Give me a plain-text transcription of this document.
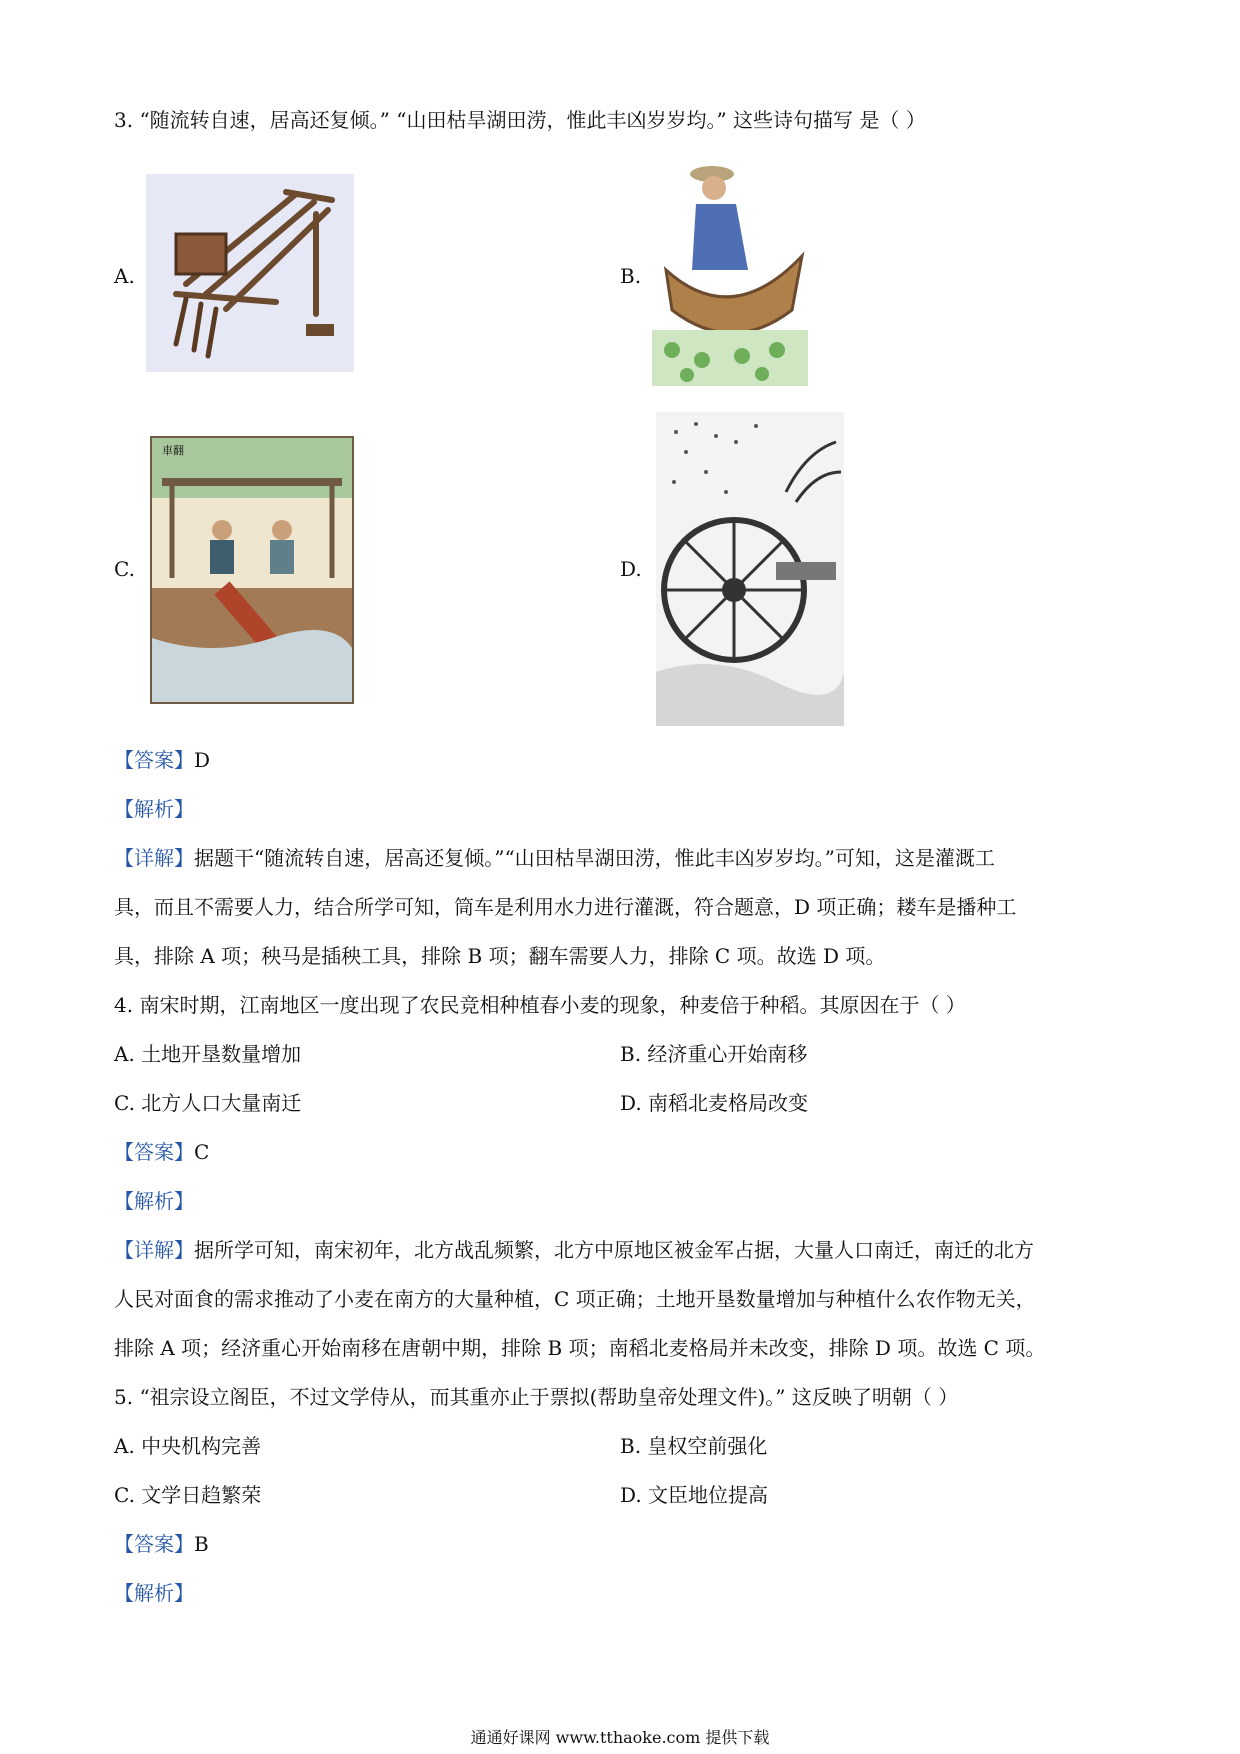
3. “随流转自速，居高还复倾。” “山田枯旱湖田涝，惟此丰凶岁岁均。” 这些诗句描写 是（ ）
A.	B.
C.
車翻
D.
【答案】D
【解析】
【详解】据题干“随流转自速，居高还复倾。”“山田枯旱湖田涝，惟此丰凶岁岁均。”可知，这是灌溉工
具，而且不需要人力，结合所学可知，筒车是利用水力进行灌溉，符合题意，D 项正确；耧车是播种工
具，排除 A 项；秧马是插秧工具，排除 B 项；翻车需要人力，排除 C 项。故选 D 项。
4. 南宋时期，江南地区一度出现了农民竞相种植春小麦的现象，种麦倍于种稻。其原因在于（ ）
A. 土地开垦数量增加	B. 经济重心开始南移
C. 北方人口大量南迁	D. 南稻北麦格局改变
【答案】C
【解析】
【详解】据所学可知，南宋初年，北方战乱频繁，北方中原地区被金军占据，大量人口南迁，南迁的北方
人民对面食的需求推动了小麦在南方的大量种植，C 项正确；土地开垦数量增加与种植什么农作物无关，
排除 A 项；经济重心开始南移在唐朝中期，排除 B 项；南稻北麦格局并未改变，排除 D 项。故选 C 项。
5. “祖宗设立阁臣，不过文学侍从，而其重亦止于票拟(帮助皇帝处理文件)。” 这反映了明朝（ ）
A. 中央机构完善	B. 皇权空前强化
C. 文学日趋繁荣	D. 文臣地位提高
【答案】B
【解析】
通通好课网 www.tthaoke.com 提供下载
